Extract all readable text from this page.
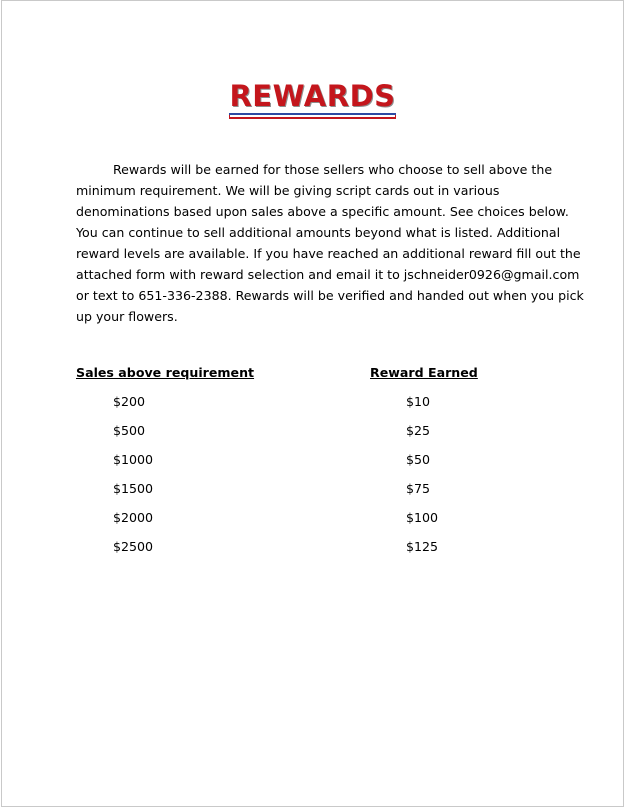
REWARDS

Rewards will be earned for those sellers who choose to sell above the
minimum requirement. We will be giving script cards out in various
denominations based upon sales above a specific amount. See choices below.
You can continue to sell additional amounts beyond what is listed. Additional
reward levels are available. If you have reached an additional reward fill out the
attached form with reward selection and email it to jschneider0926@gmail.com
or text to 651-336-2388. Rewards will be verified and handed out when you pick
up your flowers.

Sales above requirement	Reward Earned
$200	$10
$500	$25
$1000	$50
$1500	$75
$2000	$100
$2500	$125
